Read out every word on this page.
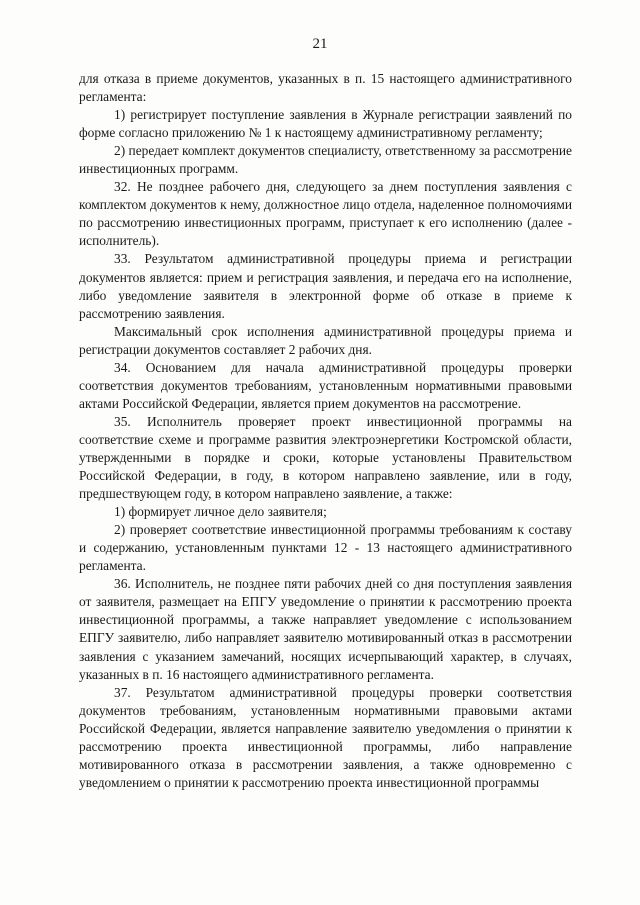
21

для отказа в приеме документов, указанных в п. 15 настоящего административного регламента:

1) регистрирует поступление заявления в Журнале регистрации заявлений по форме согласно приложению № 1 к настоящему административному регламенту;

2) передает комплект документов специалисту, ответственному за рассмотрение инвестиционных программ.

32. Не позднее рабочего дня, следующего за днем поступления заявления с комплектом документов к нему, должностное лицо отдела, наделенное полномочиями по рассмотрению инвестиционных программ, приступает к его исполнению (далее - исполнитель).

33. Результатом административной процедуры приема и регистрации документов является: прием и регистрация заявления, и передача его на исполнение, либо уведомление заявителя в электронной форме об отказе в приеме к рассмотрению заявления.

Максимальный срок исполнения административной процедуры приема и регистрации документов составляет 2 рабочих дня.

34. Основанием для начала административной процедуры проверки соответствия документов требованиям, установленным нормативными правовыми актами Российской Федерации, является прием документов на рассмотрение.

35. Исполнитель проверяет проект инвестиционной программы на соответствие схеме и программе развития электроэнергетики Костромской области, утвержденными в порядке и сроки, которые установлены Правительством Российской Федерации, в году, в котором направлено заявление, или в году, предшествующем году, в котором направлено заявление, а также:

1) формирует личное дело заявителя;

2) проверяет соответствие инвестиционной программы требованиям к составу и содержанию, установленным пунктами 12 - 13 настоящего административного регламента.

36. Исполнитель, не позднее пяти рабочих дней со дня поступления заявления от заявителя, размещает на ЕПГУ уведомление о принятии к рассмотрению проекта инвестиционной программы, а также направляет уведомление с использованием ЕПГУ заявителю, либо направляет заявителю мотивированный отказ в рассмотрении заявления с указанием замечаний, носящих исчерпывающий характер, в случаях, указанных в п. 16 настоящего административного регламента.

37. Результатом административной процедуры проверки соответствия документов требованиям, установленным нормативными правовыми актами Российской Федерации, является направление заявителю уведомления о принятии к рассмотрению проекта инвестиционной программы, либо направление мотивированного отказа в рассмотрении заявления, а также одновременно с уведомлением о принятии к рассмотрению проекта инвестиционной программы
